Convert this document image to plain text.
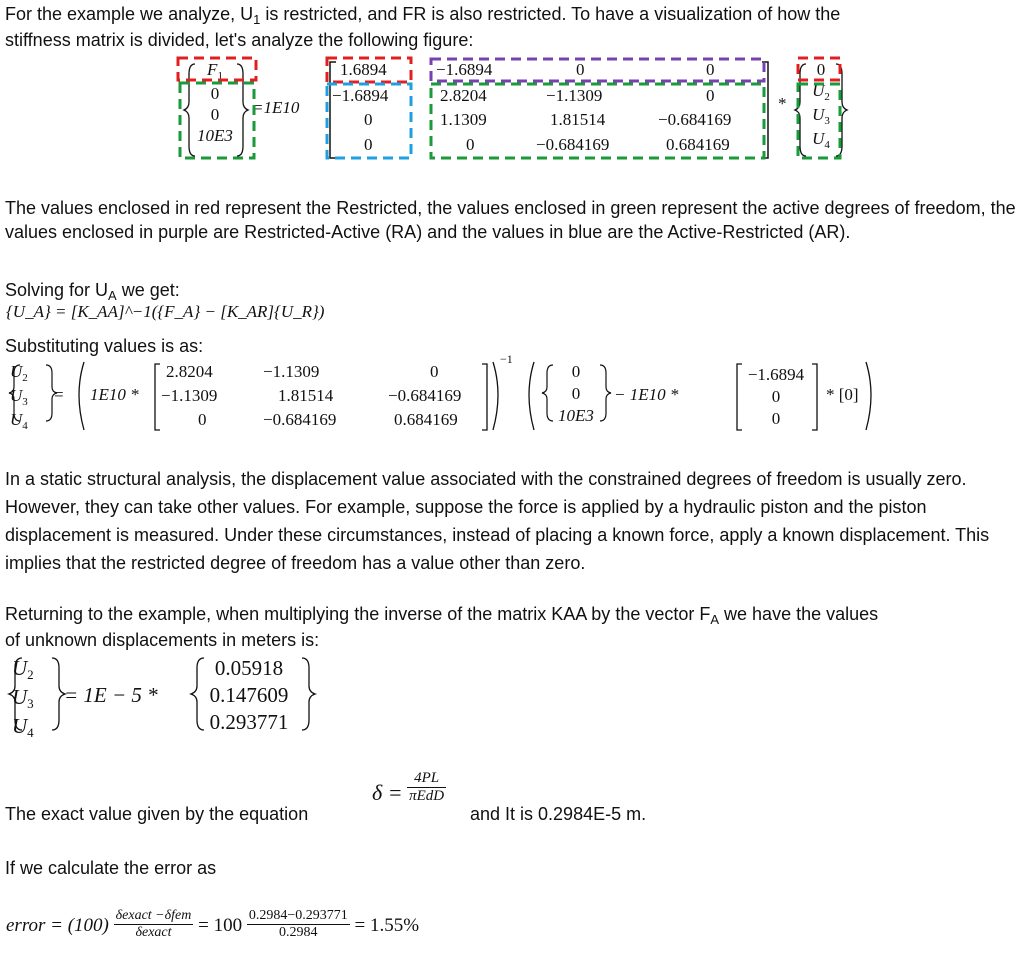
For the example we analyze, $U_1$ is restricted, and FR is also restricted. To have a visualization of how the
stiffness matrix is divided, let's analyze the following figure:
$F_1$
0
0
10E3
=1E10
1.6894	−1.6894	0	0
−1.6894	2.8204	−1.1309	0
0	1.1309	1.81514	−0.684169
0	0	−0.684169	0.684169
*
0
$U_2$
$U_3$
$U_4$
The values enclosed in red represent the Restricted, the values enclosed in green represent the active degrees of freedom, the values enclosed in purple are Restricted-Active (RA) and the values in blue are the Active-Restricted (AR).
Solving for $U_A$ we get:
{U_A} = [K_AA]^−1({F_A} − [K_AR]{U_R})
Substituting values is as:
$U_2$
$U_3$
$U_4$
= 1E10 *
2.8204	−1.1309	0
−1.1309	1.81514	−0.684169
0	−0.684169	0.684169
−1
0
0
10E3
− 1E10 *
−1.6894
0
0
* [0]
In a static structural analysis, the displacement value associated with the constrained degrees of freedom is usually zero. However, they can take other values. For example, suppose the force is applied by a hydraulic piston and the piston displacement is measured. Under these circumstances, instead of placing a known force, apply a known displacement. This implies that the restricted degree of freedom has a value other than zero.
Returning to the example, when multiplying the inverse of the matrix KAA by the vector $F_A$ we have the values
of unknown displacements in meters is:
U2
U3
U4
= 1E − 5 *
0.05918
0.147609
0.293771
The exact value given by the equation
$\delta = \frac{4PL}{\text{πEdD}}$
and It is 0.2984E-5 m.
If we calculate the error as
error = $(100) \frac{\text{δexact −δfem}}{\text{δexact}} = 100 \frac{0.2984-0.293771}{0.2984} = 1.55\%$
